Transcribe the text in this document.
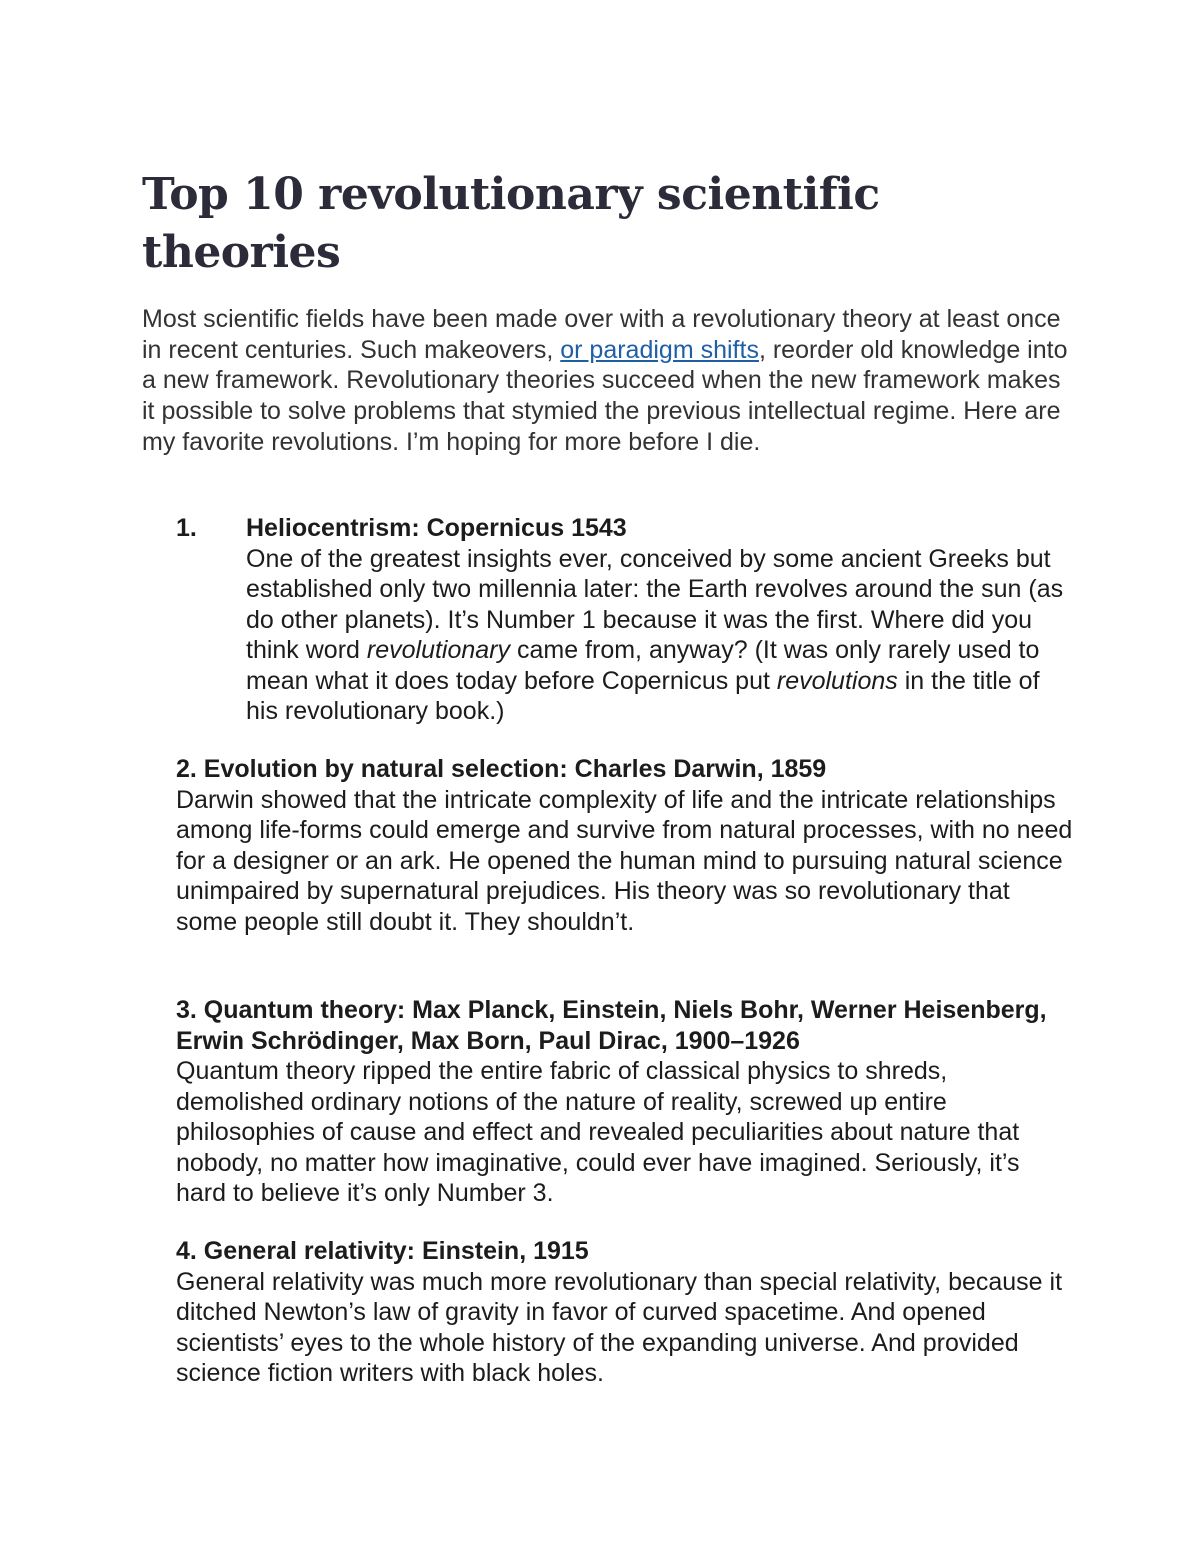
Top 10 revolutionary scientific theories

Most scientific fields have been made over with a revolutionary theory at least once in recent centuries. Such makeovers, or paradigm shifts, reorder old knowledge into a new framework. Revolutionary theories succeed when the new framework makes it possible to solve problems that stymied the previous intellectual regime. Here are my favorite revolutions. I’m hoping for more before I die.

1. Heliocentrism: Copernicus 1543
One of the greatest insights ever, conceived by some ancient Greeks but established only two millennia later: the Earth revolves around the sun (as do other planets). It’s Number 1 because it was the first. Where did you think word revolutionary came from, anyway? (It was only rarely used to mean what it does today before Copernicus put revolutions in the title of his revolutionary book.)
2. Evolution by natural selection: Charles Darwin, 1859
Darwin showed that the intricate complexity of life and the intricate relationships among life-forms could emerge and survive from natural processes, with no need for a designer or an ark. He opened the human mind to pursuing natural science unimpaired by supernatural prejudices. His theory was so revolutionary that some people still doubt it. They shouldn’t.
3. Quantum theory: Max Planck, Einstein, Niels Bohr, Werner Heisenberg, Erwin Schrödinger, Max Born, Paul Dirac, 1900–1926
Quantum theory ripped the entire fabric of classical physics to shreds, demolished ordinary notions of the nature of reality, screwed up entire philosophies of cause and effect and revealed peculiarities about nature that nobody, no matter how imaginative, could ever have imagined. Seriously, it’s hard to believe it’s only Number 3.
4. General relativity: Einstein, 1915
General relativity was much more revolutionary than special relativity, because it ditched Newton’s law of gravity in favor of curved spacetime. And opened scientists’ eyes to the whole history of the expanding universe. And provided science fiction writers with black holes.
